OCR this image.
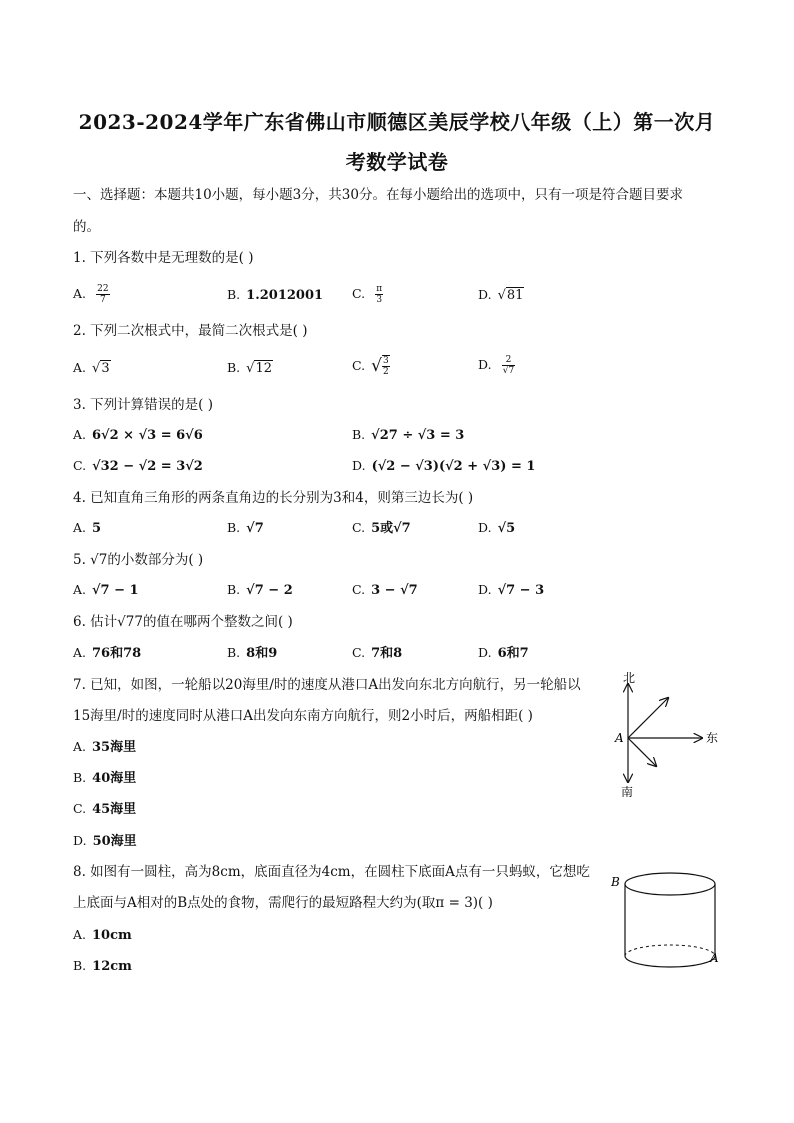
2023-2024学年广东省佛山市顺德区美辰学校八年级（上）第一次月
考数学试卷
一、选择题：本题共10小题，每小题3分，共30分。在每小题给出的选项中，只有一项是符合题目要求
的。
1. 下列各数中是无理数的是( )
A. $\frac{22}{7}$	B. 1.2012001 C. $\frac{\pi}{3}$	D. √81
2. 下列二次根式中，最简二次根式是( )
A. √3	B. √12	C. √ $\frac{3}{2}$	D. $\frac{2}{√7}$
3. 下列计算错误的是( )
A. 6√2 × √3 = 6√6	B. √27 ÷ √3 = 3
C. √32 − √2 = 3√2	D. (√2 − √3)(√2 + √3) = 1
4. 已知直角三角形的两条直角边的长分别为3和4，则第三边长为( )
A. 5	B. √7	C. 5或√7	D. √5
5. √7的小数部分为( )
A. √7 − 1	B. √7 − 2	C. 3 − √7	D. √7 − 3
6. 估计√77的值在哪两个整数之间( )
A. 76和78	B. 8和9	C. 7和8	D. 6和7
7. 已知，如图，一轮船以20海里/时的速度从港口A出发向东北方向航行，另一轮船以
15海里/时的速度同时从港口A出发向东南方向航行，则2小时后，两船相距( )
A. 35海里
B. 40海里
C. 45海里
D. 50海里
北
南
东
A
8. 如图有一圆柱，高为8cm，底面直径为4cm，在圆柱下底面A点有一只蚂蚁，它想吃
上底面与A相对的B点处的食物，需爬行的最短路程大约为(取π = 3)( )
A. 10cm
B. 12cm
B
A
